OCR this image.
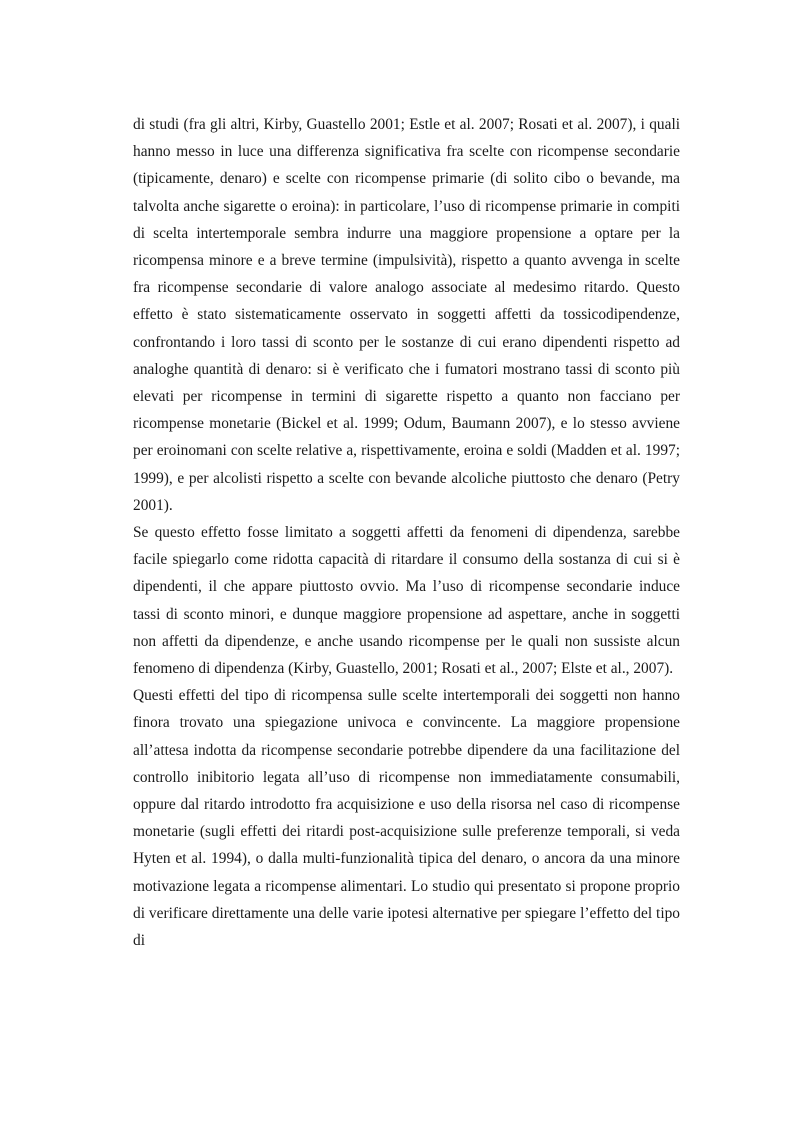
di studi (fra gli altri, Kirby, Guastello 2001; Estle et al. 2007; Rosati et al. 2007), i quali hanno messo in luce una differenza significativa fra scelte con ricompense secondarie (tipicamente, denaro) e scelte con ricompense primarie (di solito cibo o bevande, ma talvolta anche sigarette o eroina): in particolare, l’uso di ricompense primarie in compiti di scelta intertemporale sembra indurre una maggiore propensione a optare per la ricompensa minore e a breve termine (impulsività), rispetto a quanto avvenga in scelte fra ricompense secondarie di valore analogo associate al medesimo ritardo. Questo effetto è stato sistematicamente osservato in soggetti affetti da tossicodipendenze, confrontando i loro tassi di sconto per le sostanze di cui erano dipendenti rispetto ad analoghe quantità di denaro: si è verificato che i fumatori mostrano tassi di sconto più elevati per ricompense in termini di sigarette rispetto a quanto non facciano per ricompense monetarie (Bickel et al. 1999; Odum, Baumann 2007), e lo stesso avviene per eroinomani con scelte relative a, rispettivamente, eroina e soldi (Madden et al. 1997; 1999), e per alcolisti rispetto a scelte con bevande alcoliche piuttosto che denaro (Petry 2001).

Se questo effetto fosse limitato a soggetti affetti da fenomeni di dipendenza, sarebbe facile spiegarlo come ridotta capacità di ritardare il consumo della sostanza di cui si è dipendenti, il che appare piuttosto ovvio. Ma l’uso di ricompense secondarie induce tassi di sconto minori, e dunque maggiore propensione ad aspettare, anche in soggetti non affetti da dipendenze, e anche usando ricompense per le quali non sussiste alcun fenomeno di dipendenza (Kirby, Guastello, 2001; Rosati et al., 2007; Elste et al., 2007).

Questi effetti del tipo di ricompensa sulle scelte intertemporali dei soggetti non hanno finora trovato una spiegazione univoca e convincente. La maggiore propensione all’attesa indotta da ricompense secondarie potrebbe dipendere da una facilitazione del controllo inibitorio legata all’uso di ricompense non immediatamente consumabili, oppure dal ritardo introdotto fra acquisizione e uso della risorsa nel caso di ricompense monetarie (sugli effetti dei ritardi post-acquisizione sulle preferenze temporali, si veda Hyten et al. 1994), o dalla multi-funzionalità tipica del denaro, o ancora da una minore motivazione legata a ricompense alimentari. Lo studio qui presentato si propone proprio di verificare direttamente una delle varie ipotesi alternative per spiegare l’effetto del tipo di
